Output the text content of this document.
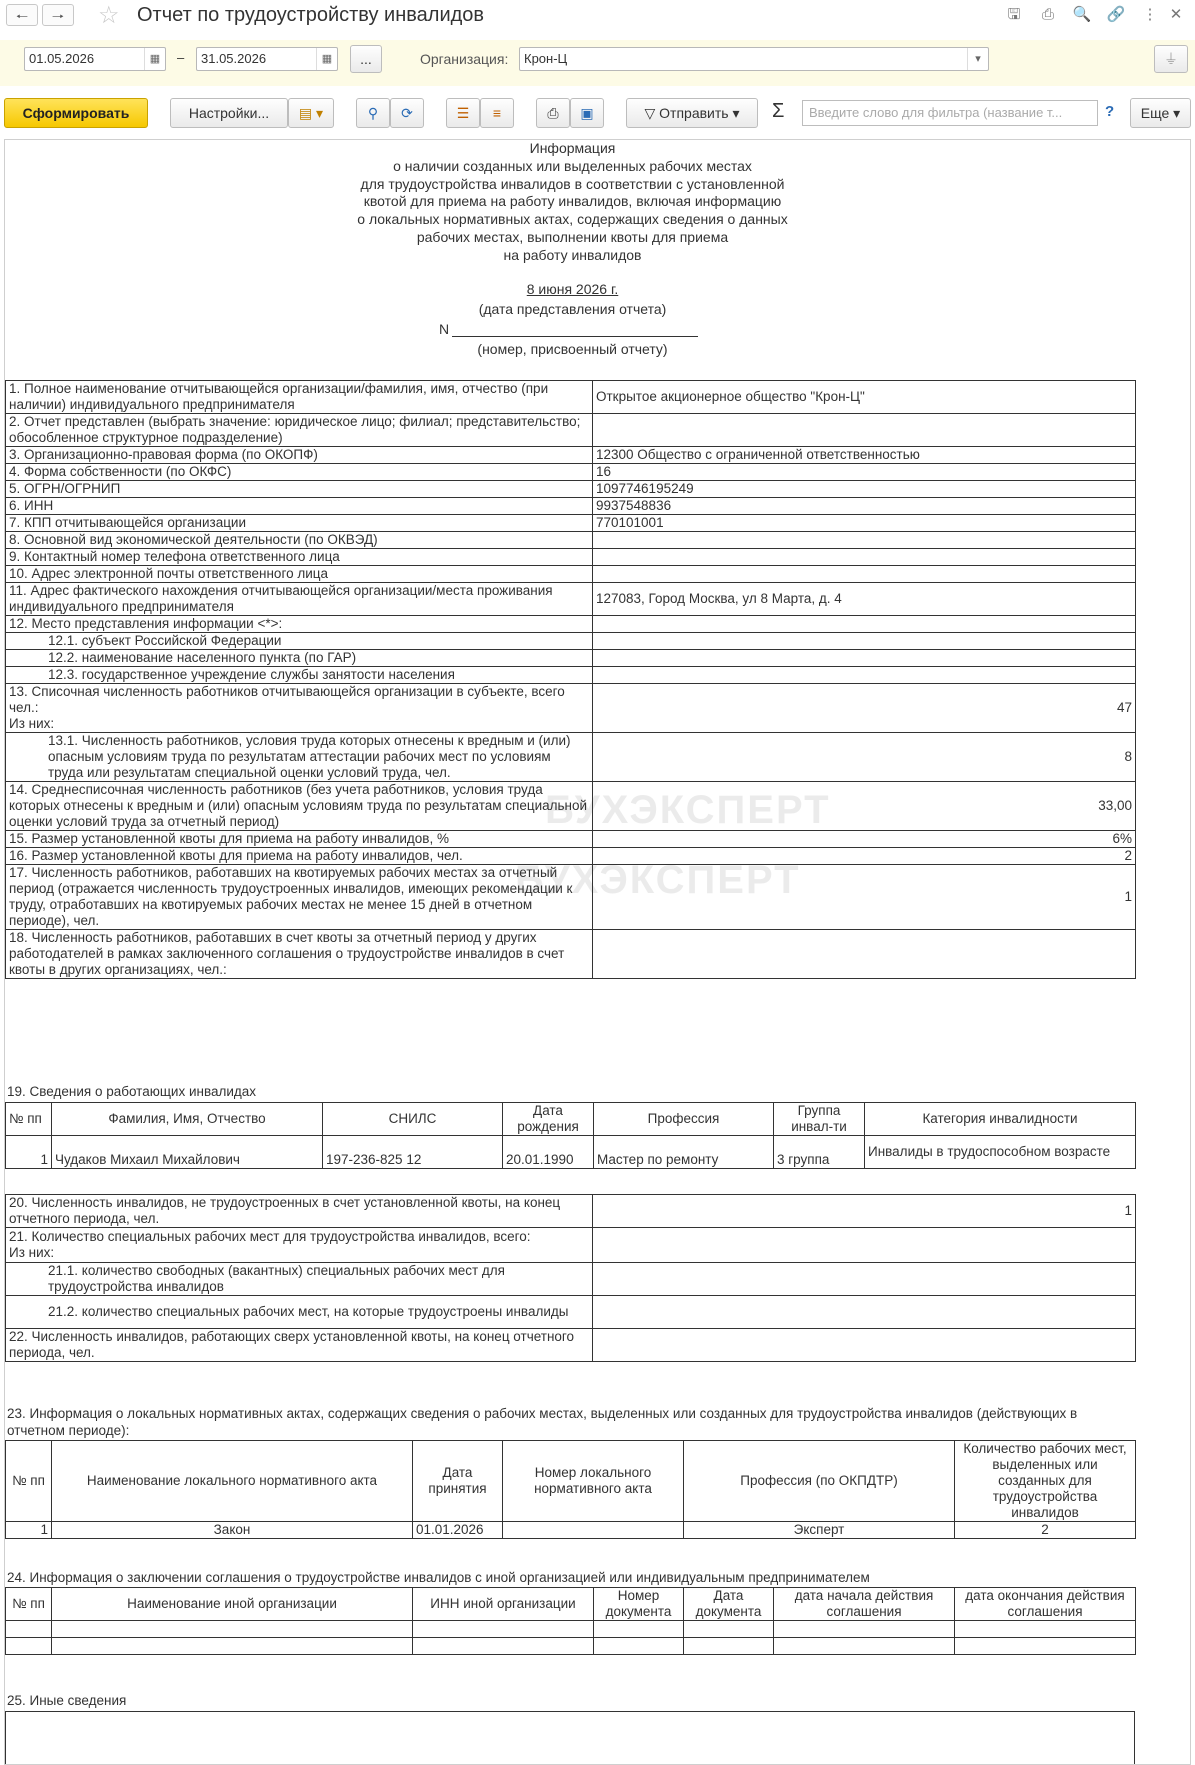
🠐	🠒	☆ Отчет по трудоустройству инвалидов	🖫 ⎙ 🔍 🔗 ⋮ ✕
01.05.2026	▦	–	31.05.2026	▦	...	Организация:	Крон-Ц	▾	⏚
Сформировать	Настройки...	▤ ▾	⚲	⟳	☰	≡	⎙	▣	▽ Отправить ▾	Σ	Введите слово для фильтра (название т...	?	Еще ▾
БУХЭКСПЕРТ
БУХЭКСПЕРТ
Информация
о наличии созданных или выделенных рабочих местах
для трудоустройства инвалидов в соответствии с установленной
квотой для приема на работу инвалидов, включая информацию
о локальных нормативных актах, содержащих сведения о данных
рабочих местах, выполнении квоты для приема
на работу инвалидов
8 июня 2026 г.
(дата представления отчета)
N
(номер, присвоенный отчету)
1. Полное наименование отчитывающейся организации/фамилия, имя, отчество (при наличии) индивидуального предпринимателя	Открытое акционерное общество "Крон-Ц"
2. Отчет представлен (выбрать значение: юридическое лицо; филиал; представительство; обособленное структурное подразделение)	
3. Организационно-правовая форма (по ОКОПФ)	12300 Общество с ограниченной ответственностью
4. Форма собственности (по ОКФС)	16
5. ОГРН/ОГРНИП	1097746195249
6. ИНН	9937548836
7. КПП отчитывающейся организации	770101001
8. Основной вид экономической деятельности (по ОКВЭД)	
9. Контактный номер телефона ответственного лица	
10. Адрес электронной почты ответственного лица	
11. Адрес фактического нахождения отчитывающейся организации/места проживания индивидуального предпринимателя	127083, Город Москва, ул 8 Марта, д. 4
12. Место представления информации <*>:	
12.1. субъект Российской Федерации	
12.2. наименование населенного пункта (по ГАР)	
12.3. государственное учреждение службы занятости населения	
13. Списочная численность работников отчитывающейся организации в субъекте, всего чел.:
Из них:	47
13.1. Численность работников, условия труда которых отнесены к вредным и (или) опасным условиям труда по результатам аттестации рабочих мест по условиям труда или результатам специальной оценки условий труда, чел.	8
14. Среднесписочная численность работников (без учета работников, условия труда которых отнесены к вредным и (или) опасным условиям труда по результатам специальной оценки условий труда за отчетный период)	33,00
15. Размер установленной квоты для приема на работу инвалидов, %	6%
16. Размер установленной квоты для приема на работу инвалидов, чел.	2
17. Численность работников, работавших на квотируемых рабочих местах за отчетный период (отражается численность трудоустроенных инвалидов, имеющих рекомендации к труду, отработавших на квотируемых рабочих местах не менее 15 дней в отчетном периоде), чел.	1
18. Численность работников, работавших в счет квоты за отчетный период у других работодателей в рамках заключенного соглашения о трудоустройстве инвалидов в счет квоты в других организациях, чел.:	
19. Сведения о работающих инвалидах
№ пп	Фамилия, Имя, Отчество	СНИЛС	Дата рождения	Профессия	Группа инвал-ти	Категория инвалидности
1	Чудаков Михаил Михайлович	197-236-825 12	20.01.1990	Мастер по ремонту	3 группа	Инвалиды в трудоспособном возрасте
20. Численность инвалидов, не трудоустроенных в счет установленной квоты, на конец отчетного периода, чел.	1
21. Количество специальных рабочих мест для трудоустройства инвалидов, всего:
Из них:	
21.1. количество свободных (вакантных) специальных рабочих мест для трудоустройства инвалидов	
21.2. количество специальных рабочих мест, на которые трудоустроены инвалиды	
22. Численность инвалидов, работающих сверх установленной квоты, на конец отчетного периода, чел.	
23. Информация о локальных нормативных актах, содержащих сведения о рабочих местах, выделенных или созданных для трудоустройства инвалидов (действующих в отчетном периоде):
№ пп	Наименование локального нормативного акта	Дата принятия	Номер локального нормативного акта	Профессия (по ОКПДТР)	Количество рабочих мест, выделенных или созданных для трудоустройства инвалидов
1	Закон	01.01.2026		Эксперт	2
24. Информация о заключении соглашения о трудоустройстве инвалидов с иной организацией или индивидуальным предпринимателем
№ пп	Наименование иной организации	ИНН иной организации	Номер документа	Дата документа	дата начала действия соглашения	дата окончания действия соглашения

25. Иные сведения
